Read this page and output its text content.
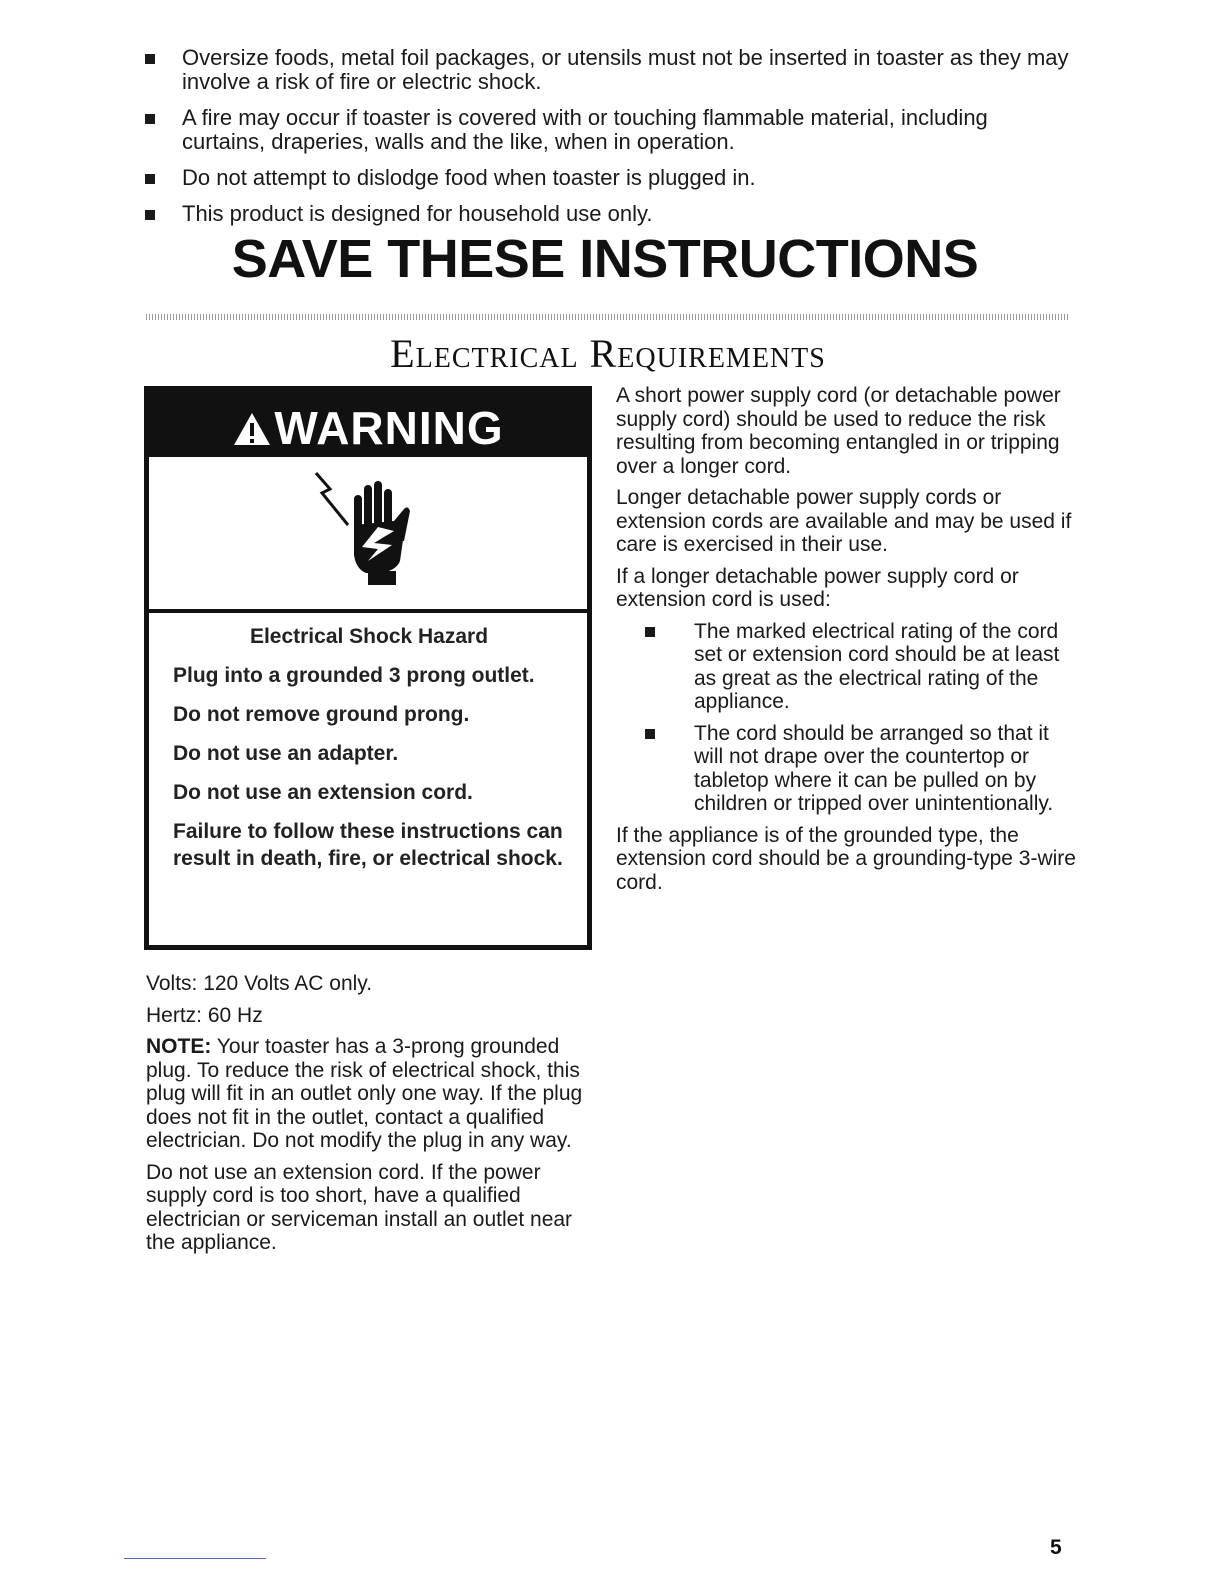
Oversize foods, metal foil packages, or utensils must not be inserted in toaster as they may involve a risk of fire or electric shock.
A fire may occur if toaster is covered with or touching flammable material, including curtains, draperies, walls and the like, when in operation.
Do not attempt to dislodge food when toaster is plugged in.
This product is designed for household use only.
SAVE THESE INSTRUCTIONS
Electrical Requirements
WARNING

Electrical Shock Hazard

Plug into a grounded 3 prong outlet.

Do not remove ground prong.

Do not use an adapter.

Do not use an extension cord.

Failure to follow these instructions can result in death, fire, or electrical shock.

Volts: 120 Volts AC only.

Hertz: 60 Hz

NOTE: Your toaster has a 3-prong grounded plug. To reduce the risk of electrical shock, this plug will fit in an outlet only one way. If the plug does not fit in the outlet, contact a qualified electrician. Do not modify the plug in any way.

Do not use an extension cord. If the power supply cord is too short, have a qualified electrician or serviceman install an outlet near the appliance.

A short power supply cord (or detachable power supply cord) should be used to reduce the risk resulting from becoming entangled in or tripping over a longer cord.

Longer detachable power supply cords or extension cords are available and may be used if care is exercised in their use.

If a longer detachable power supply cord or extension cord is used:

The marked electrical rating of the cord set or extension cord should be at least as great as the electrical rating of the appliance.
The cord should be arranged so that it will not drape over the countertop or tabletop where it can be pulled on by children or tripped over unintentionally.

If the appliance is of the grounded type, the extension cord should be a grounding-type 3-wire cord.

5
